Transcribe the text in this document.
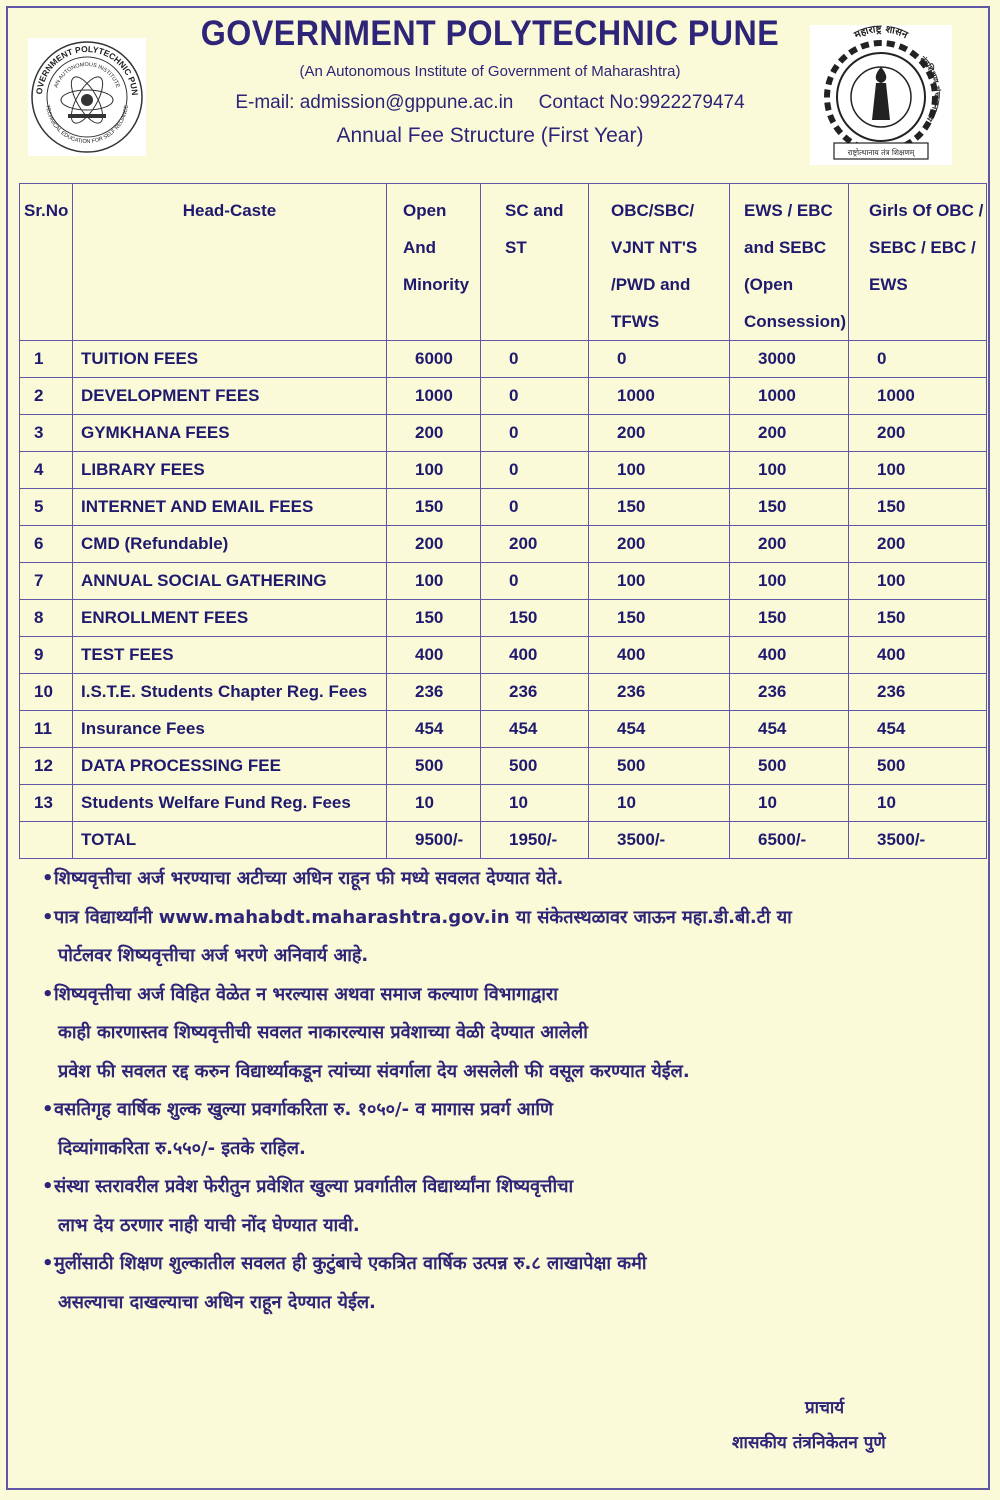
OVERNMENT POLYTECHNIC PUN
AN AUTONOMOUS INSTITUTE
TECHNICAL EDUCATION FOR SELF RELIANCE
महाराष्ट्र शासन
तंत्रशिक्षण संचालनालय
राष्ट्रोत्थानाय तंत्र शिक्षणम्
GOVERNMENT POLYTECHNIC PUNE
(An Autonomous Institute of Government of Maharashtra)
E-mail: admission@gppune.ac.in Contact No:9922279474
Annual Fee Structure (First Year)
Sr.No	Head-Caste	Open And Minority	SC and ST	OBC/SBC/ VJNT NT'S /PWD and TFWS	EWS / EBC and SEBC (Open Consession)	Girls Of OBC / SEBC / EBC / EWS
1	TUITION FEES	6000	0	0	3000	0
2	DEVELOPMENT FEES	1000	0	1000	1000	1000
3	GYMKHANA FEES	200	0	200	200	200
4	LIBRARY FEES	100	0	100	100	100
5	INTERNET AND EMAIL FEES	150	0	150	150	150
6	CMD (Refundable)	200	200	200	200	200
7	ANNUAL SOCIAL GATHERING	100	0	100	100	100
8	ENROLLMENT FEES	150	150	150	150	150
9	TEST FEES	400	400	400	400	400
10	I.S.T.E. Students Chapter Reg. Fees	236	236	236	236	236
11	Insurance Fees	454	454	454	454	454
12	DATA PROCESSING FEE	500	500	500	500	500
13	Students Welfare Fund Reg. Fees	10	10	10	10	10
	TOTAL	9500/-	1950/-	3500/-	6500/-	3500/-
•शिष्यवृत्तीचा अर्ज भरण्याचा अटीच्या अधिन राहून फी मध्ये सवलत देण्यात येते.
•पात्र विद्यार्थ्यांनी www.mahabdt.maharashtra.gov.in या संकेतस्थळावर जाऊन महा.डी.बी.टी या
पोर्टलवर शिष्यवृत्तीचा अर्ज भरणे अनिवार्य आहे.
•शिष्यवृत्तीचा अर्ज विहित वेळेत न भरल्यास अथवा समाज कल्याण विभागाद्वारा
काही कारणास्तव शिष्यवृत्तीची सवलत नाकारल्यास प्रवेशाच्या वेळी देण्यात आलेली
प्रवेश फी सवलत रद्द करुन विद्यार्थ्याकडून त्यांच्या संवर्गाला देय असलेली फी वसूल करण्यात येईल.
•वसतिगृह वार्षिक शुल्क खुल्या प्रवर्गाकरिता रु. १०५०/- व मागास प्रवर्ग आणि
दिव्यांगाकरिता रु.५५०/- इतके राहिल.
•संस्था स्तरावरील प्रवेश फेरीतुन प्रवेशित खुल्या प्रवर्गातील विद्यार्थ्यांना शिष्यवृत्तीचा
लाभ देय ठरणार नाही याची नोंद घेण्यात यावी.
•मुलींसाठी शिक्षण शुल्कातील सवलत ही कुटुंबाचे एकत्रित वार्षिक उत्पन्न रु.८ लाखापेक्षा कमी
असल्याचा दाखल्याचा अधिन राहून देण्यात येईल.
प्राचार्य
शासकीय तंत्रनिकेतन पुणे
